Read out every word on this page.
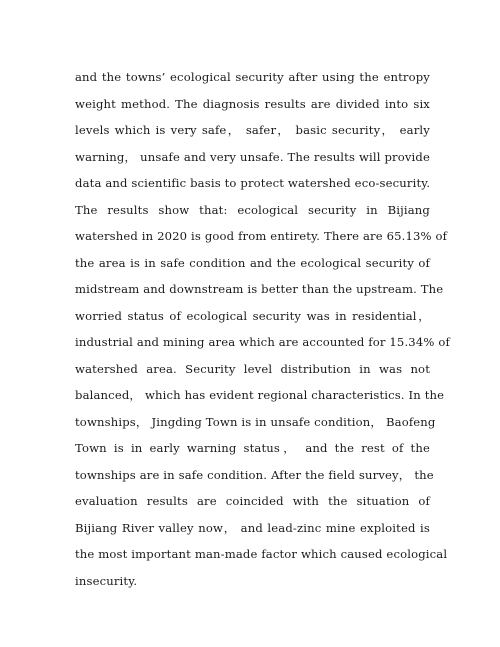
and the towns’ ecological security after using the entropy
weight method. The diagnosis results are divided into six
levels which is very safe， safer， basic security， early
warning， unsafe and very unsafe. The results will provide
data and scientific basis to protect watershed eco-security.
The results show that: ecological security in Bijiang
watershed in 2020 is good from entirety. There are 65.13% of
the area is in safe condition and the ecological security of
midstream and downstream is better than the upstream. The
worried status of ecological security was in residential，
industrial and mining area which are accounted for 15.34% of
watershed area. Security level distribution in was not
balanced， which has evident regional characteristics. In the
townships， Jingding Town is in unsafe condition， Baofeng
Town is in early warning status， and the rest of the
townships are in safe condition. After the field survey， the
evaluation results are coincided with the situation of
Bijiang River valley now， and lead-zinc mine exploited is
the most important man-made factor which caused ecological
insecurity.
